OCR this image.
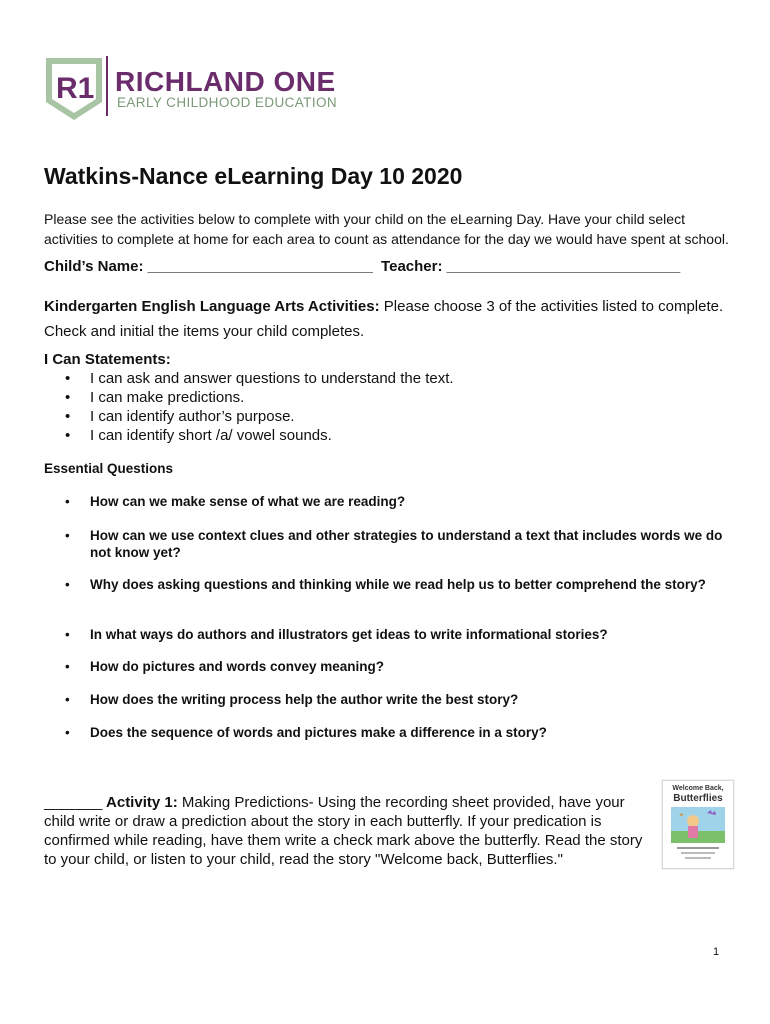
R1 RICHLAND ONE
EARLY CHILDHOOD EDUCATION
Watkins-Nance eLearning Day 10 2020
Please see the activities below to complete with your child on the eLearning Day. Have your child select activities to complete at home for each area to count as attendance for the day we would have spent at school.
Child’s Name: ___________________________ Teacher: ____________________________
Kindergarten English Language Arts Activities: Please choose 3 of the activities listed to complete. Check and initial the items your child completes.
I Can Statements:
• I can ask and answer questions to understand the text.
• I can make predictions.
• I can identify author’s purpose.
• I can identify short /a/ vowel sounds.
Essential Questions
• How can we make sense of what we are reading?
• How can we use context clues and other strategies to understand a text that includes words we do not know yet?
• Why does asking questions and thinking while we read help us to better comprehend the story?
• In what ways do authors and illustrators get ideas to write informational stories?
• How do pictures and words convey meaning?
• How does the writing process help the author write the best story?
• Does the sequence of words and pictures make a difference in a story?
_______ Activity 1: Making Predictions- Using the recording sheet provided, have your child write or draw a prediction about the story in each butterfly. If your predication is confirmed while reading, have them write a check mark above the butterfly. Read the story to your child, or listen to your child, read the story "Welcome back, Butterflies."
Welcome Back,
Butterflies
1
